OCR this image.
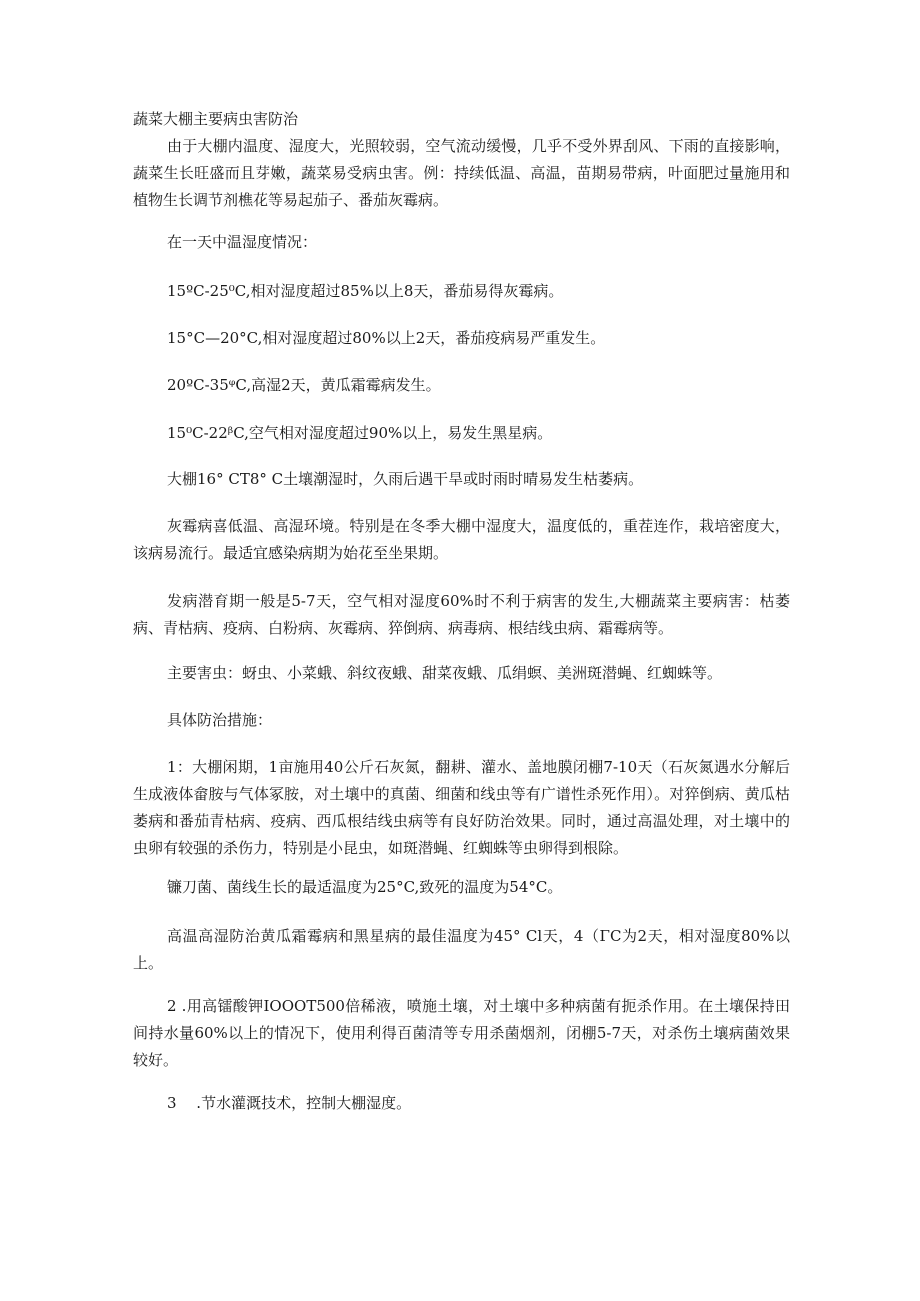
蔬菜大棚主要病虫害防治

由于大棚内温度、湿度大，光照较弱，空气流动缓慢，几乎不受外界刮风、下雨的直接影响，蔬菜生长旺盛而且芽嫩，蔬菜易受病虫害。例：持续低温、高温，苗期易带病，叶面肥过量施用和植物生长调节剂樵花等易起茄子、番茄灰霉病。

在一天中温湿度情况：

15ºC-25⁰C,相对湿度超过85%以上8天，番茄易得灰霉病。

15°C—20°C,相对湿度超过80%以上2天，番茄疫病易严重发生。

20ºC-35ᵠC,高湿2天，黄瓜霜霉病发生。

15⁰C-22ᵝC,空气相对湿度超过90%以上，易发生黑星病。

大棚16° CT8° C土壤潮湿时，久雨后遇干旱或时雨时晴易发生枯萎病。

灰霉病喜低温、高湿环境。特别是在冬季大棚中湿度大，温度低的，重茬连作，栽培密度大，该病易流行。最适宜感染病期为始花至坐果期。

发病潜育期一般是5-7天，空气相对湿度60%时不利于病害的发生,大棚蔬菜主要病害：枯萎病、青枯病、疫病、白粉病、灰霉病、猝倒病、病毒病、根结线虫病、霜霉病等。

主要害虫：蚜虫、小菜蛾、斜纹夜蛾、甜菜夜蛾、瓜绢螟、美洲斑潜蝇、红蜘蛛等。

具体防治措施：

1：大棚闲期，1亩施用40公斤石灰氮，翻耕、灌水、盖地膜闭棚7-10天（石灰氮遇水分解后生成液体畲胺与气体冢胺，对土壤中的真菌、细菌和线虫等有广谱性杀死作用）。对猝倒病、黄瓜枯萎病和番茄青枯病、疫病、西瓜根结线虫病等有良好防治效果。同时，通过高温处理，对土壤中的虫卵有较强的杀伤力，特别是小昆虫，如斑潜蝇、红蜘蛛等虫卵得到根除。

镰刀菌、菌线生长的最适温度为25°C,致死的温度为54°C。

高温高湿防治黄瓜霜霉病和黑星病的最佳温度为45° Cl天，4（ΓC为2天，相对湿度80%以上。

2 .用高镭酸钾IOOOT500倍稀液，喷施土壤，对土壤中多种病菌有扼杀作用。在土壤保持田间持水量60%以上的情况下，使用利得百菌清等专用杀菌烟剂，闭棚5-7天，对杀伤土壤病菌效果较好。

3　 .节水灌溉技术，控制大棚湿度。
